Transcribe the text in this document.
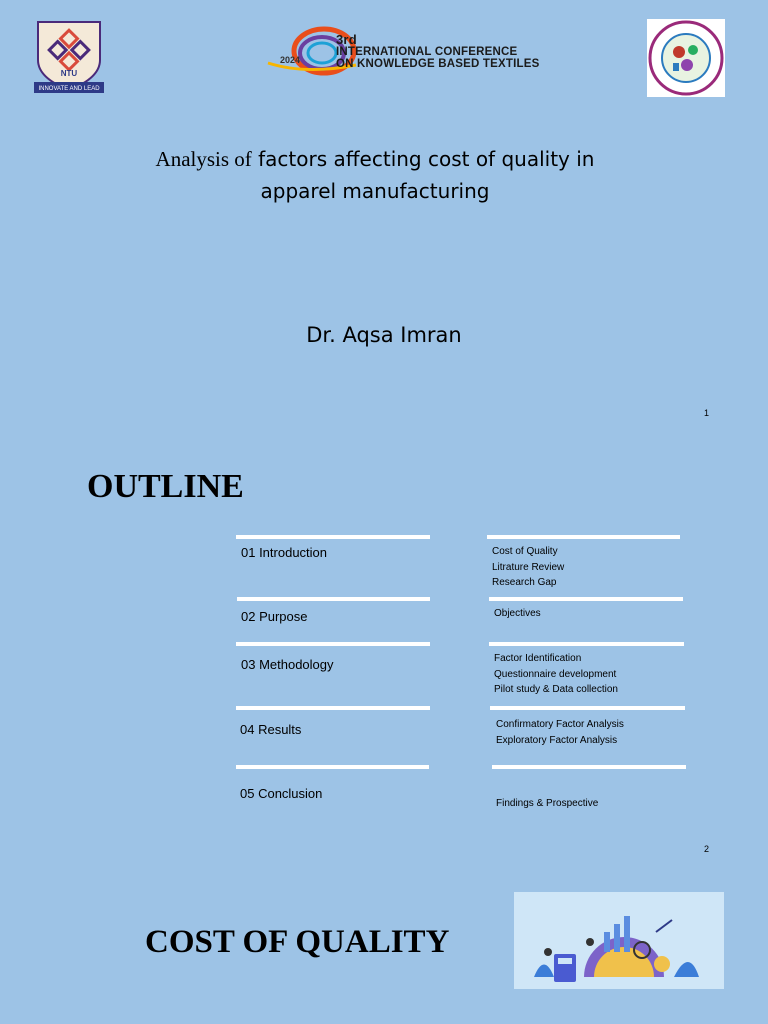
NTU
INNOVATE AND LEAD
2024
3rd
INTERNATIONAL CONFERENCE
ON KNOWLEDGE BASED TEXTILES
Analysis of factors affecting cost of quality in
apparel manufacturing
Dr. Aqsa Imran
1
OUTLINE
01 Introduction
02 Purpose
03 Methodology
04 Results
05 Conclusion
Cost of Quality
Litrature Review
Research Gap
Objectives
Factor Identification
Questionnaire development
Pilot study & Data collection
Confirmatory Factor Analysis
Exploratory Factor Analysis
Findings & Prospective
2
COST OF QUALITY
